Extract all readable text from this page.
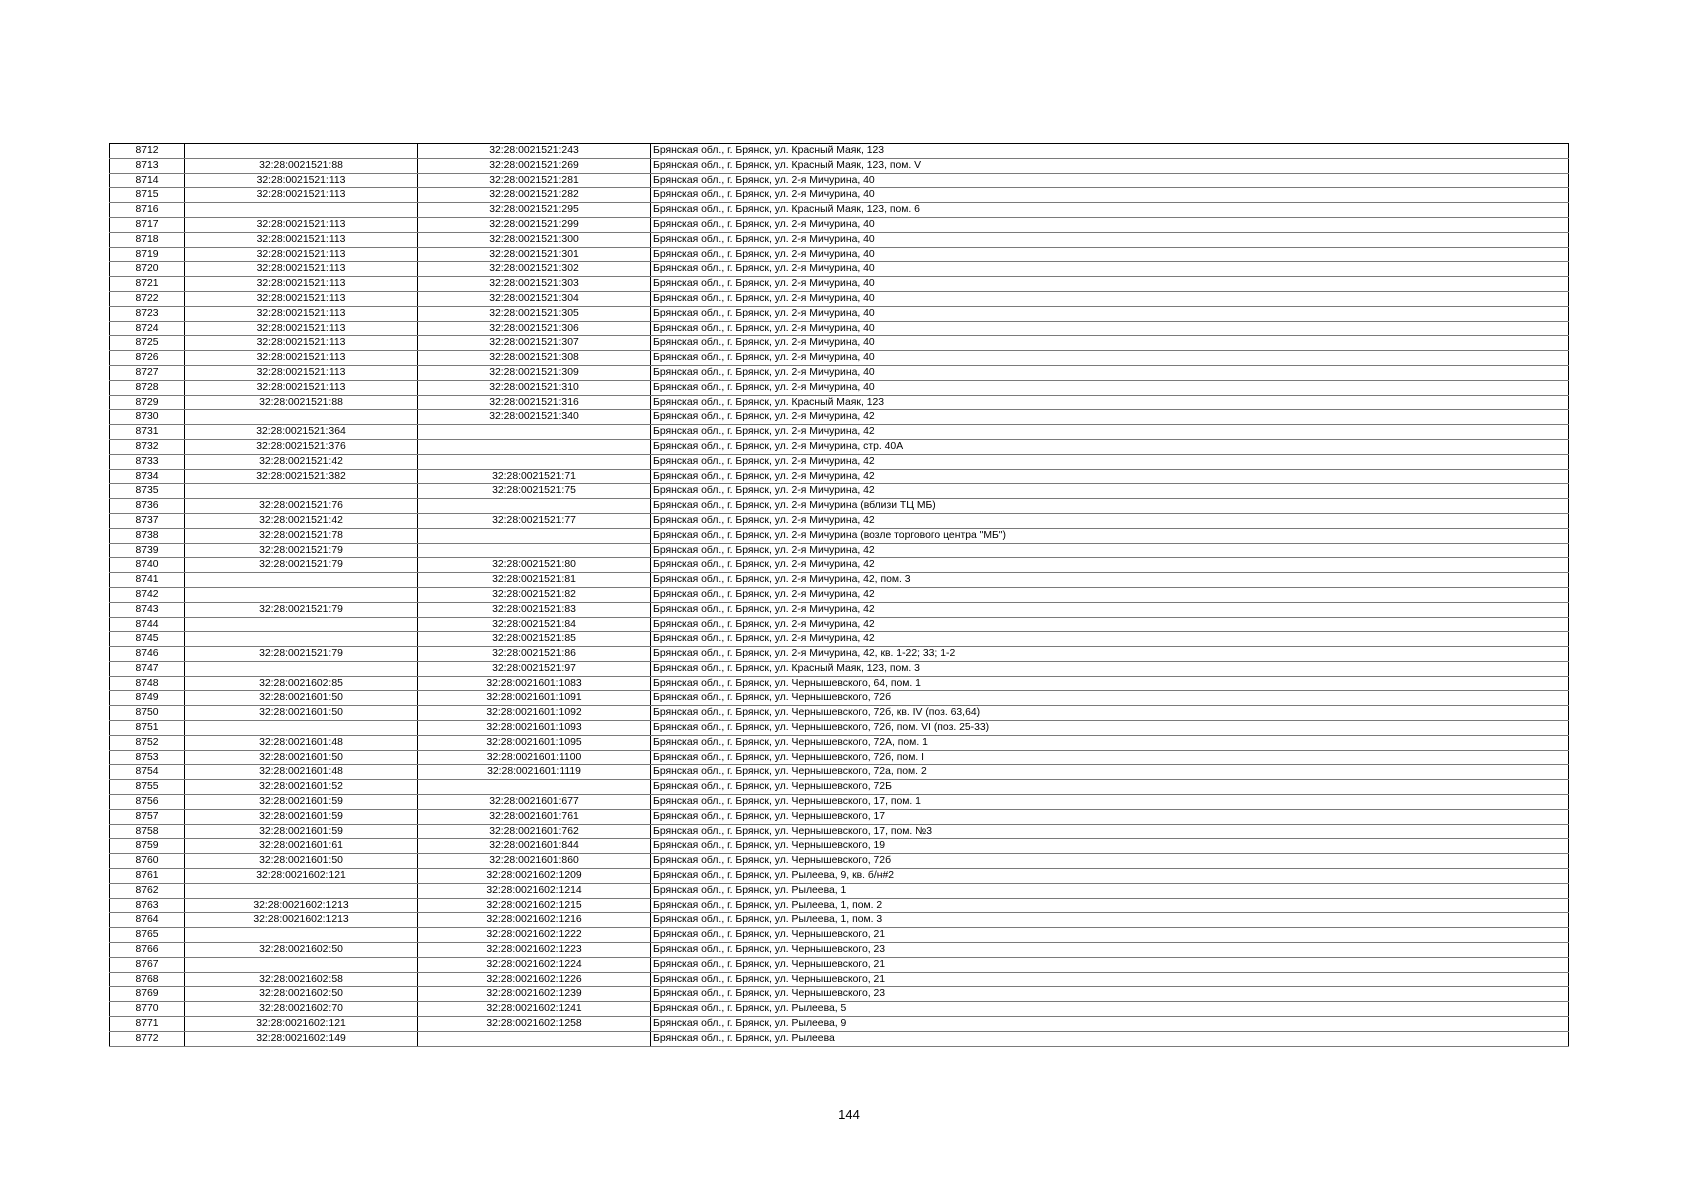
8712		32:28:0021521:243	Брянская обл., г. Брянск, ул. Красный Маяк, 123
8713	32:28:0021521:88	32:28:0021521:269	Брянская обл., г. Брянск, ул. Красный Маяк, 123, пом. V
8714	32:28:0021521:113	32:28:0021521:281	Брянская обл., г. Брянск, ул. 2-я Мичурина, 40
8715	32:28:0021521:113	32:28:0021521:282	Брянская обл., г. Брянск, ул. 2-я Мичурина, 40
8716		32:28:0021521:295	Брянская обл., г. Брянск, ул. Красный Маяк, 123, пом. 6
8717	32:28:0021521:113	32:28:0021521:299	Брянская обл., г. Брянск, ул. 2-я Мичурина, 40
8718	32:28:0021521:113	32:28:0021521:300	Брянская обл., г. Брянск, ул. 2-я Мичурина, 40
8719	32:28:0021521:113	32:28:0021521:301	Брянская обл., г. Брянск, ул. 2-я Мичурина, 40
8720	32:28:0021521:113	32:28:0021521:302	Брянская обл., г. Брянск, ул. 2-я Мичурина, 40
8721	32:28:0021521:113	32:28:0021521:303	Брянская обл., г. Брянск, ул. 2-я Мичурина, 40
8722	32:28:0021521:113	32:28:0021521:304	Брянская обл., г. Брянск, ул. 2-я Мичурина, 40
8723	32:28:0021521:113	32:28:0021521:305	Брянская обл., г. Брянск, ул. 2-я Мичурина, 40
8724	32:28:0021521:113	32:28:0021521:306	Брянская обл., г. Брянск, ул. 2-я Мичурина, 40
8725	32:28:0021521:113	32:28:0021521:307	Брянская обл., г. Брянск, ул. 2-я Мичурина, 40
8726	32:28:0021521:113	32:28:0021521:308	Брянская обл., г. Брянск, ул. 2-я Мичурина, 40
8727	32:28:0021521:113	32:28:0021521:309	Брянская обл., г. Брянск, ул. 2-я Мичурина, 40
8728	32:28:0021521:113	32:28:0021521:310	Брянская обл., г. Брянск, ул. 2-я Мичурина, 40
8729	32:28:0021521:88	32:28:0021521:316	Брянская обл., г. Брянск, ул. Красный Маяк, 123
8730		32:28:0021521:340	Брянская обл., г. Брянск, ул. 2-я Мичурина, 42
8731	32:28:0021521:364		Брянская обл., г. Брянск, ул. 2-я Мичурина, 42
8732	32:28:0021521:376		Брянская обл., г. Брянск, ул. 2-я Мичурина, стр. 40А
8733	32:28:0021521:42		Брянская обл., г. Брянск, ул. 2-я Мичурина, 42
8734	32:28:0021521:382	32:28:0021521:71	Брянская обл., г. Брянск, ул. 2-я Мичурина, 42
8735		32:28:0021521:75	Брянская обл., г. Брянск, ул. 2-я Мичурина, 42
8736	32:28:0021521:76		Брянская обл., г. Брянск, ул. 2-я Мичурина (вблизи ТЦ МБ)
8737	32:28:0021521:42	32:28:0021521:77	Брянская обл., г. Брянск, ул. 2-я Мичурина, 42
8738	32:28:0021521:78		Брянская обл., г. Брянск, ул. 2-я Мичурина (возле торгового центра "МБ")
8739	32:28:0021521:79		Брянская обл., г. Брянск, ул. 2-я Мичурина, 42
8740	32:28:0021521:79	32:28:0021521:80	Брянская обл., г. Брянск, ул. 2-я Мичурина, 42
8741		32:28:0021521:81	Брянская обл., г. Брянск, ул. 2-я Мичурина, 42, пом. 3
8742		32:28:0021521:82	Брянская обл., г. Брянск, ул. 2-я Мичурина, 42
8743	32:28:0021521:79	32:28:0021521:83	Брянская обл., г. Брянск, ул. 2-я Мичурина, 42
8744		32:28:0021521:84	Брянская обл., г. Брянск, ул. 2-я Мичурина, 42
8745		32:28:0021521:85	Брянская обл., г. Брянск, ул. 2-я Мичурина, 42
8746	32:28:0021521:79	32:28:0021521:86	Брянская обл., г. Брянск, ул. 2-я Мичурина, 42, кв. 1-22; 33; 1-2
8747		32:28:0021521:97	Брянская обл., г. Брянск, ул. Красный Маяк, 123, пом. 3
8748	32:28:0021602:85	32:28:0021601:1083	Брянская обл., г. Брянск, ул. Чернышевского, 64, пом. 1
8749	32:28:0021601:50	32:28:0021601:1091	Брянская обл., г. Брянск, ул. Чернышевского, 72б
8750	32:28:0021601:50	32:28:0021601:1092	Брянская обл., г. Брянск, ул. Чернышевского, 72б, кв. IV (поз. 63,64)
8751		32:28:0021601:1093	Брянская обл., г. Брянск, ул. Чернышевского, 72б, пом. VI (поз. 25-33)
8752	32:28:0021601:48	32:28:0021601:1095	Брянская обл., г. Брянск, ул. Чернышевского, 72А, пом. 1
8753	32:28:0021601:50	32:28:0021601:1100	Брянская обл., г. Брянск, ул. Чернышевского, 72б, пом. I
8754	32:28:0021601:48	32:28:0021601:1119	Брянская обл., г. Брянск, ул. Чернышевского, 72а, пом. 2
8755	32:28:0021601:52		Брянская обл., г. Брянск, ул. Чернышевского, 72Б
8756	32:28:0021601:59	32:28:0021601:677	Брянская обл., г. Брянск, ул. Чернышевского, 17, пом. 1
8757	32:28:0021601:59	32:28:0021601:761	Брянская обл., г. Брянск, ул. Чернышевского, 17
8758	32:28:0021601:59	32:28:0021601:762	Брянская обл., г. Брянск, ул. Чернышевского, 17, пом. №3
8759	32:28:0021601:61	32:28:0021601:844	Брянская обл., г. Брянск, ул. Чернышевского, 19
8760	32:28:0021601:50	32:28:0021601:860	Брянская обл., г. Брянск, ул. Чернышевского, 72б
8761	32:28:0021602:121	32:28:0021602:1209	Брянская обл., г. Брянск, ул. Рылеева, 9, кв. б/н#2
8762		32:28:0021602:1214	Брянская обл., г. Брянск, ул. Рылеева, 1
8763	32:28:0021602:1213	32:28:0021602:1215	Брянская обл., г. Брянск, ул. Рылеева, 1, пом. 2
8764	32:28:0021602:1213	32:28:0021602:1216	Брянская обл., г. Брянск, ул. Рылеева, 1, пом. 3
8765		32:28:0021602:1222	Брянская обл., г. Брянск, ул. Чернышевского, 21
8766	32:28:0021602:50	32:28:0021602:1223	Брянская обл., г. Брянск, ул. Чернышевского, 23
8767		32:28:0021602:1224	Брянская обл., г. Брянск, ул. Чернышевского, 21
8768	32:28:0021602:58	32:28:0021602:1226	Брянская обл., г. Брянск, ул. Чернышевского, 21
8769	32:28:0021602:50	32:28:0021602:1239	Брянская обл., г. Брянск, ул. Чернышевского, 23
8770	32:28:0021602:70	32:28:0021602:1241	Брянская обл., г. Брянск, ул. Рылеева, 5
8771	32:28:0021602:121	32:28:0021602:1258	Брянская обл., г. Брянск, ул. Рылеева, 9
8772	32:28:0021602:149		Брянская обл., г. Брянск, ул. Рылеева
144
